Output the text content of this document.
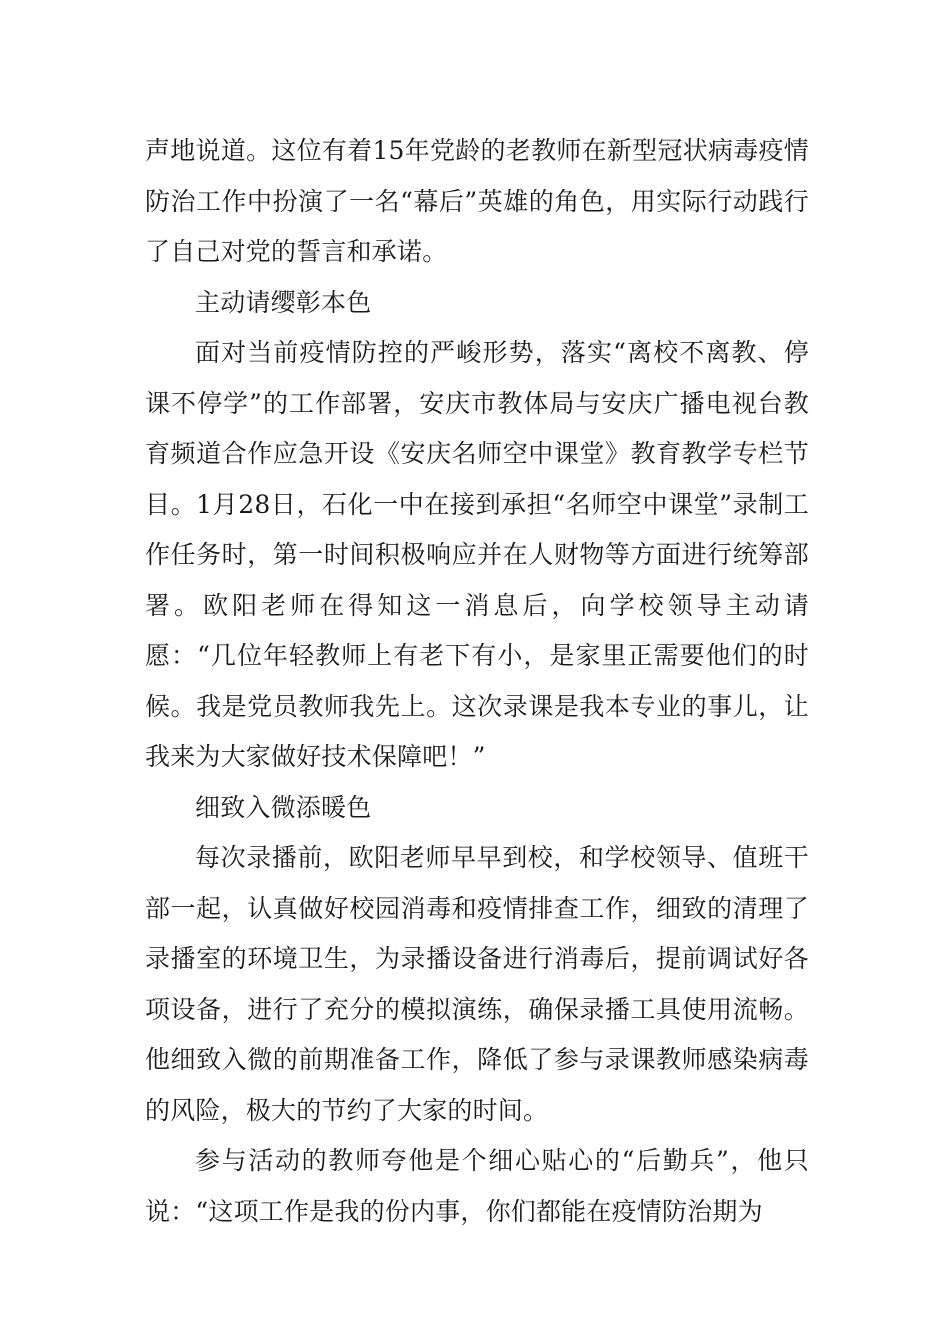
声地说道。这位有着15年党龄的老教师在新型冠状病毒疫情防治工作中扮演了一名“幕后”英雄的角色，用实际行动践行了自己对党的誓言和承诺。

主动请缨彰本色

面对当前疫情防控的严峻形势，落实“离校不离教、停课不停学”的工作部署，安庆市教体局与安庆广播电视台教育频道合作应急开设《安庆名师空中课堂》教育教学专栏节目。1月28日，石化一中在接到承担“名师空中课堂”录制工作任务时，第一时间积极响应并在人财物等方面进行统筹部署。欧阳老师在得知这一消息后，向学校领导主动请愿：“几位年轻教师上有老下有小，是家里正需要他们的时候。我是党员教师我先上。这次录课是我本专业的事儿，让我来为大家做好技术保障吧！”

细致入微添暖色

每次录播前，欧阳老师早早到校，和学校领导、值班干部一起，认真做好校园消毒和疫情排查工作，细致的清理了录播室的环境卫生，为录播设备进行消毒后，提前调试好各项设备，进行了充分的模拟演练，确保录播工具使用流畅。他细致入微的前期准备工作，降低了参与录课教师感染病毒的风险，极大的节约了大家的时间。

参与活动的教师夸他是个细心贴心的“后勤兵”，他只说：“这项工作是我的份内事，你们都能在疫情防治期为
